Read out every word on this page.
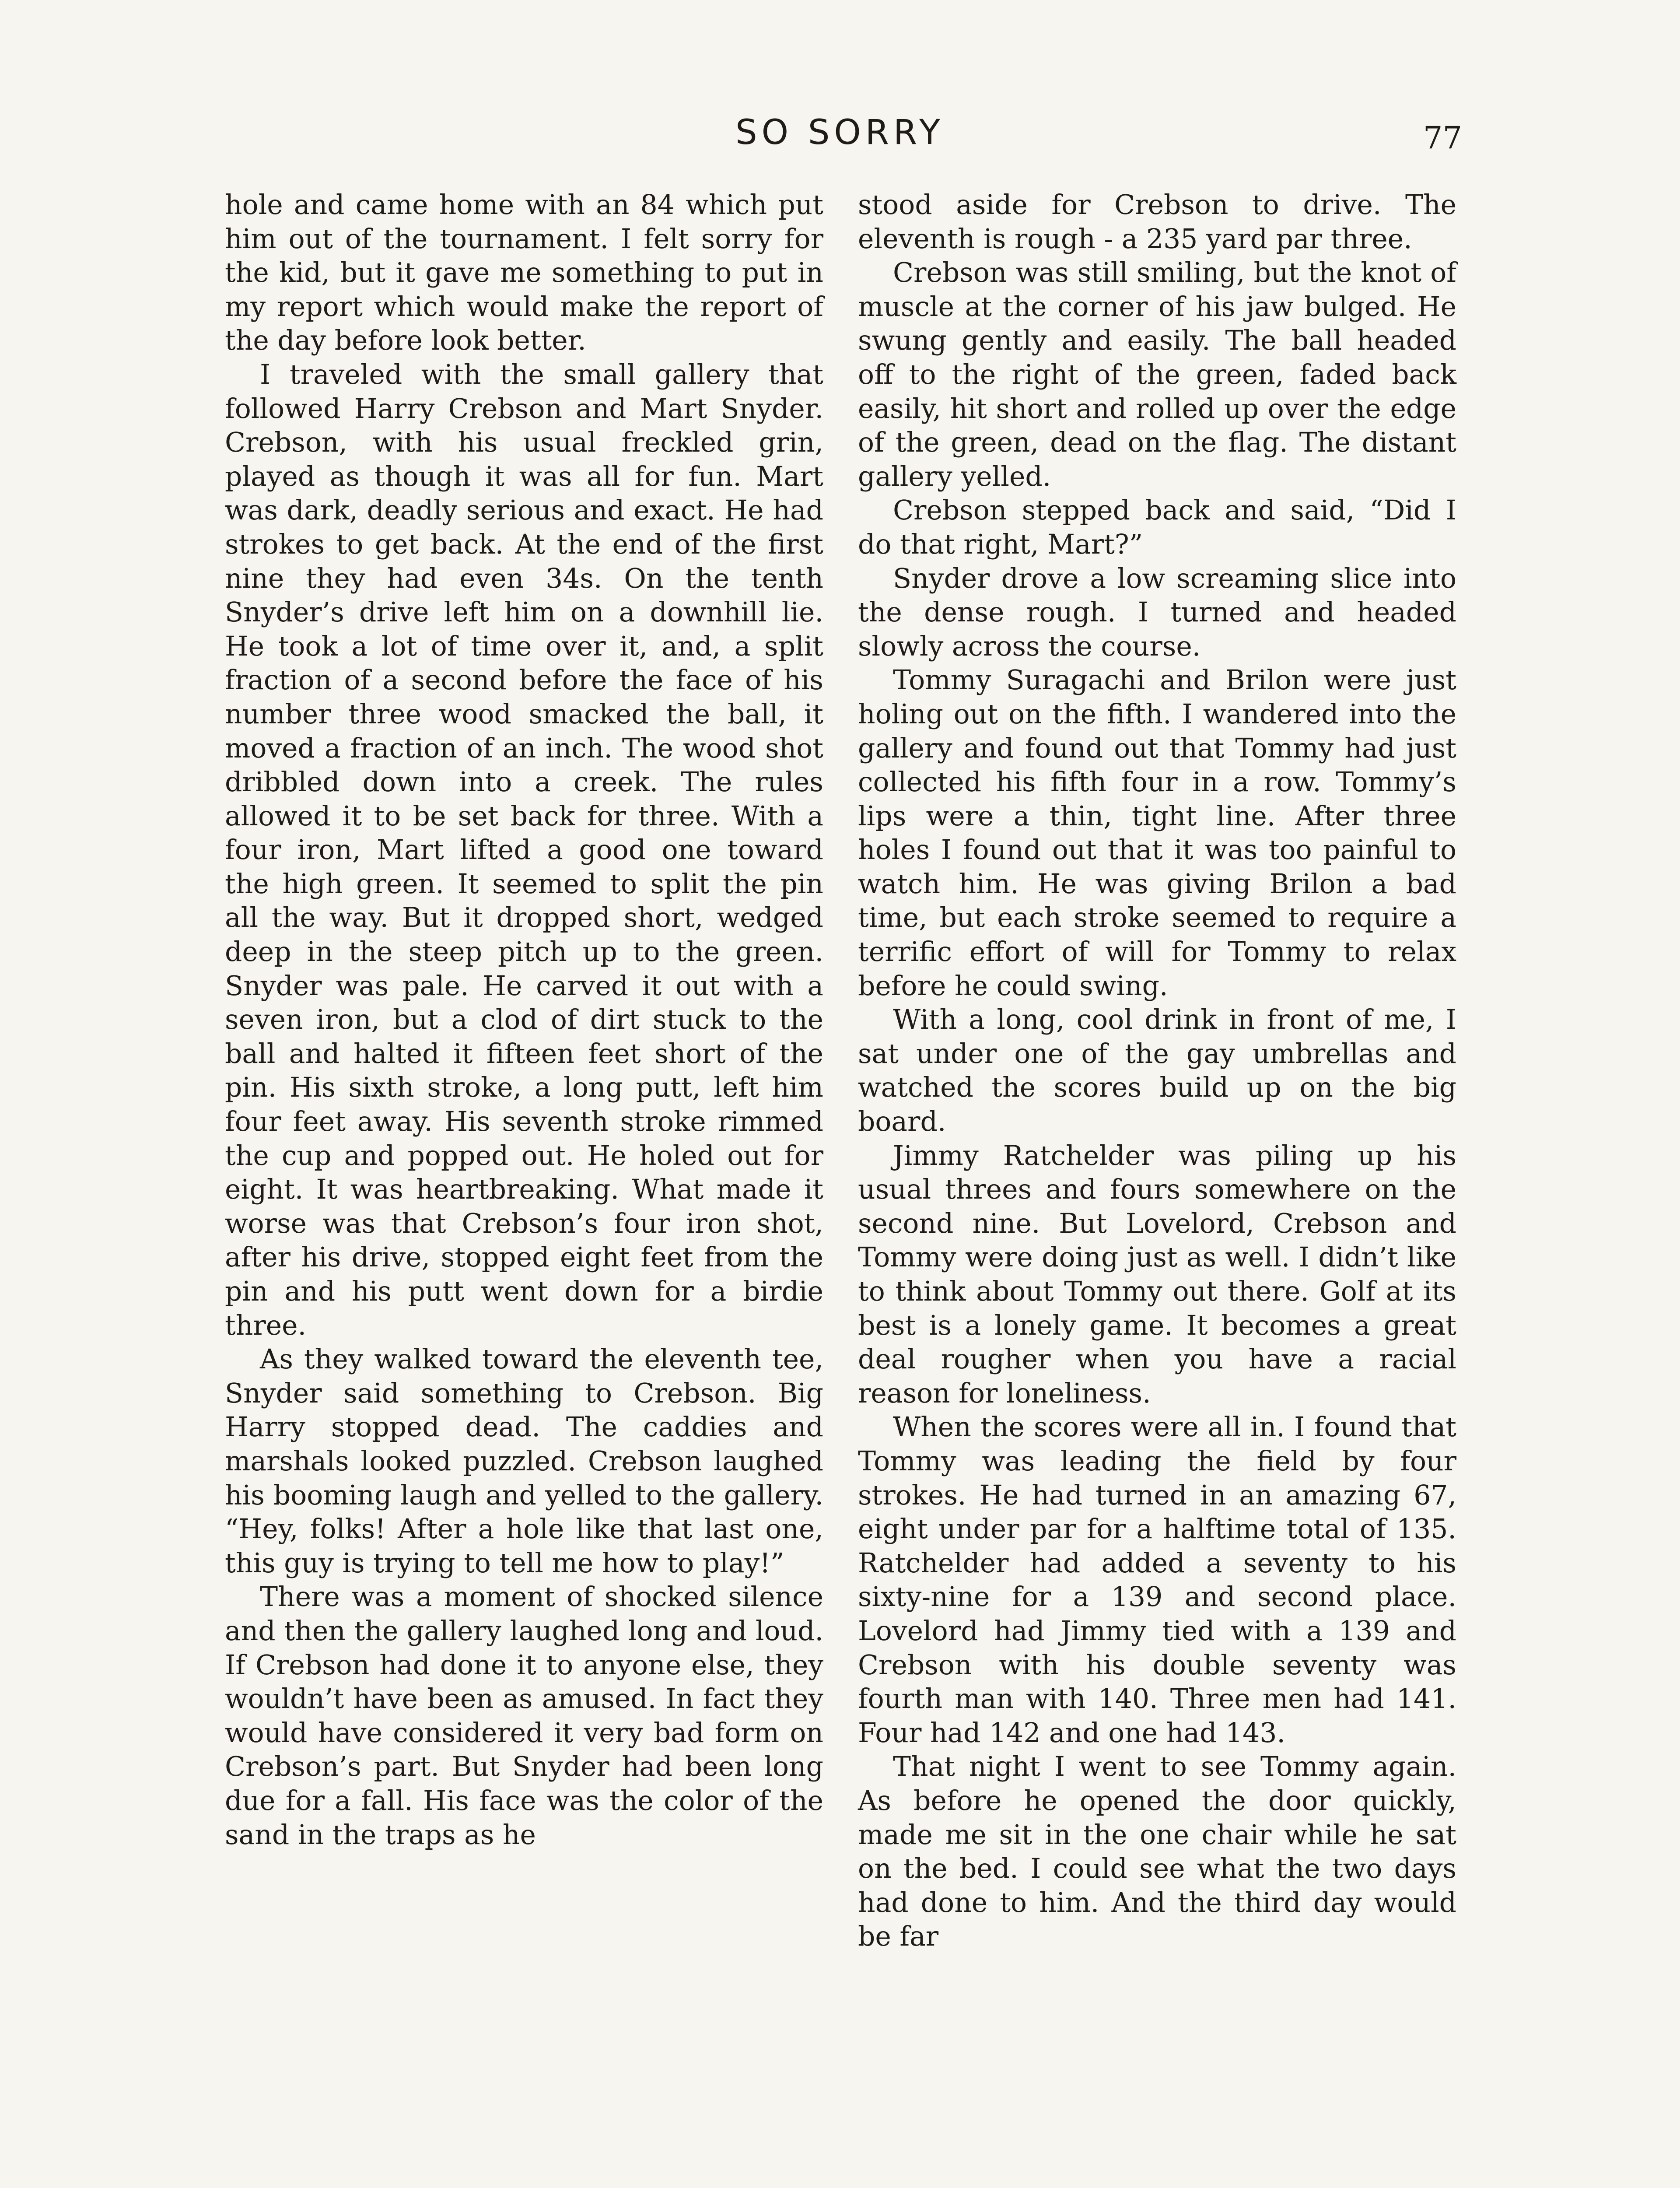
SO SORRY	77

hole and came home with an 84 which put him out of the tournament. I felt sorry for the kid, but it gave me something to put in my report which would make the report of the day before look better.

I traveled with the small gallery that followed Harry Crebson and Mart Snyder. Crebson, with his usual freckled grin, played as though it was all for fun. Mart was dark, deadly serious and exact. He had strokes to get back. At the end of the first nine they had even 34s. On the tenth Snyder’s drive left him on a downhill lie. He took a lot of time over it, and, a split fraction of a second before the face of his number three wood smacked the ball, it moved a fraction of an inch. The wood shot dribbled down into a creek. The rules allowed it to be set back for three. With a four iron, Mart lifted a good one toward the high green. It seemed to split the pin all the way. But it dropped short, wedged deep in the steep pitch up to the green. Snyder was pale. He carved it out with a seven iron, but a clod of dirt stuck to the ball and halted it fifteen feet short of the pin. His sixth stroke, a long putt, left him four feet away. His seventh stroke rimmed the cup and popped out. He holed out for eight. It was heartbreaking. What made it worse was that Crebson’s four iron shot, after his drive, stopped eight feet from the pin and his putt went down for a birdie three.

As they walked toward the eleventh tee, Snyder said something to Crebson. Big Harry stopped dead. The caddies and marshals looked puzzled. Crebson laughed his booming laugh and yelled to the gallery. “Hey, folks! After a hole like that last one, this guy is trying to tell me how to play!”

There was a moment of shocked silence and then the gallery laughed long and loud. If Crebson had done it to anyone else, they wouldn’t have been as amused. In fact they would have considered it very bad form on Crebson’s part. But Snyder had been long due for a fall. His face was the color of the sand in the traps as he

stood aside for Crebson to drive. The eleventh is rough - a 235 yard par three.

Crebson was still smiling, but the knot of muscle at the corner of his jaw bulged. He swung gently and easily. The ball headed off to the right of the green, faded back easily, hit short and rolled up over the edge of the green, dead on the flag. The distant gallery yelled.

Crebson stepped back and said, “Did I do that right, Mart?”

Snyder drove a low screaming slice into the dense rough. I turned and headed slowly across the course.

Tommy Suragachi and Brilon were just holing out on the fifth. I wandered into the gallery and found out that Tommy had just collected his fifth four in a row. Tommy’s lips were a thin, tight line. After three holes I found out that it was too painful to watch him. He was giving Brilon a bad time, but each stroke seemed to require a terrific effort of will for Tommy to relax before he could swing.

With a long, cool drink in front of me, I sat under one of the gay umbrellas and watched the scores build up on the big board.

Jimmy Ratchelder was piling up his usual threes and fours somewhere on the second nine. But Lovelord, Crebson and Tommy were doing just as well. I didn’t like to think about Tommy out there. Golf at its best is a lonely game. It becomes a great deal rougher when you have a racial reason for loneliness.

When the scores were all in. I found that Tommy was leading the field by four strokes. He had turned in an amazing 67, eight under par for a halftime total of 135. Ratchelder had added a seventy to his sixty-nine for a 139 and second place. Lovelord had Jimmy tied with a 139 and Crebson with his double seventy was fourth man with 140. Three men had 141. Four had 142 and one had 143.

That night I went to see Tommy again. As before he opened the door quickly, made me sit in the one chair while he sat on the bed. I could see what the two days had done to him. And the third day would be far
